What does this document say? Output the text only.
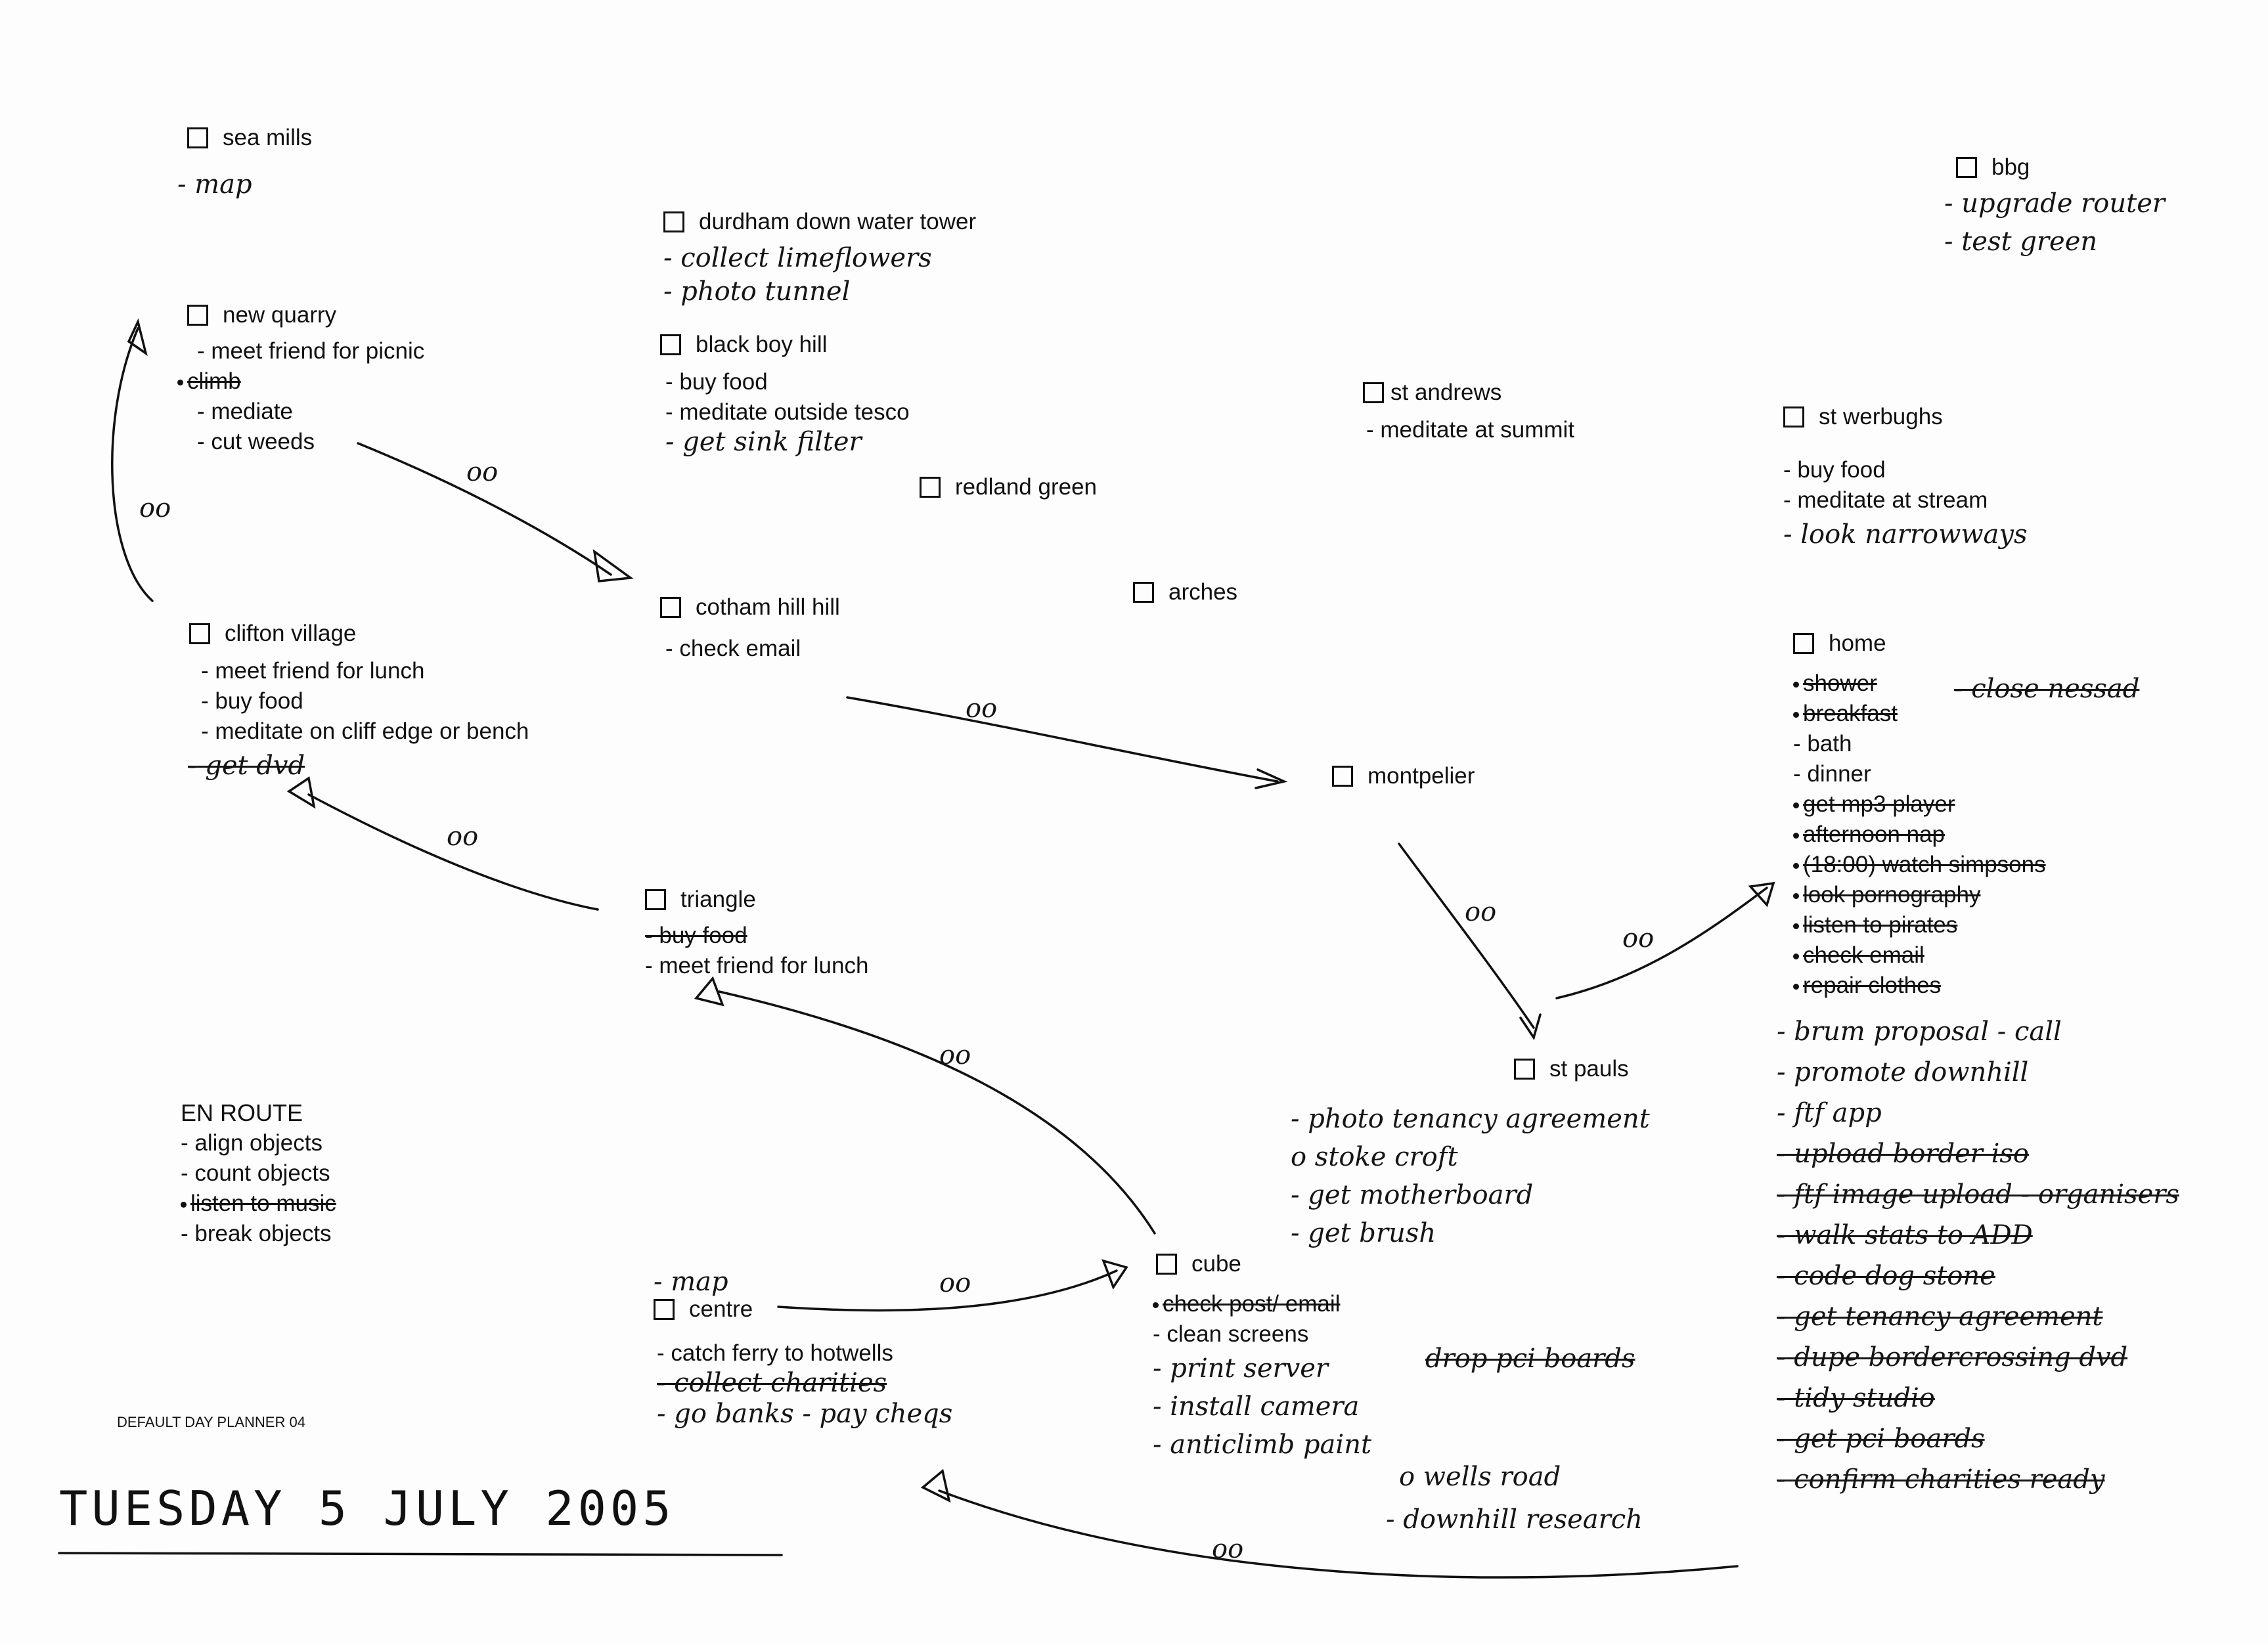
oo
oo
oo
oo
oo
oo
oo
oo
oo
sea mills
- map
new quarry
- meet friend for picnic
climb
- mediate
- cut weeds
clifton village
- meet friend for lunch
- buy food
- meditate on cliff edge or bench
- get dvd
durdham down water tower
- collect limeflowers
- photo tunnel
black boy hill
- buy food
- meditate outside tesco
- get sink filter
redland green
cotham hill hill
- check email
arches
st andrews
- meditate at summit
montpelier
triangle
- buy food
- meet friend for lunch
st pauls
- photo tenancy agreement
o stoke croft
- get motherboard
- get brush
- map
centre
- catch ferry to hotwells
- collect charities
- go banks - pay cheqs
cube
check post/ email
- clean screens
- print server
- install camera
- anticlimb paint
drop pci boards
o wells road
- downhill research
bbg
- upgrade router
- test green
st werbughs
- buy food
- meditate at stream
- look narrowways
home
shower
breakfast
- bath
- dinner
get mp3 player
afternoon nap
(18:00) watch simpsons
look pornography
listen to pirates
check email
repair clothes
- close nessad
- brum proposal - call
- promote downhill
- ftf app
- upload border iso
- ftf image upload - organisers
- walk stats to ADD
- code dog stone
- get tenancy agreement
- dupe bordercrossing dvd
- tidy studio
- get pci boards
- confirm charities ready
EN ROUTE
- align objects
- count objects
listen to music
- break objects
DEFAULT DAY PLANNER 04
TUESDAY 5 JULY 2005
